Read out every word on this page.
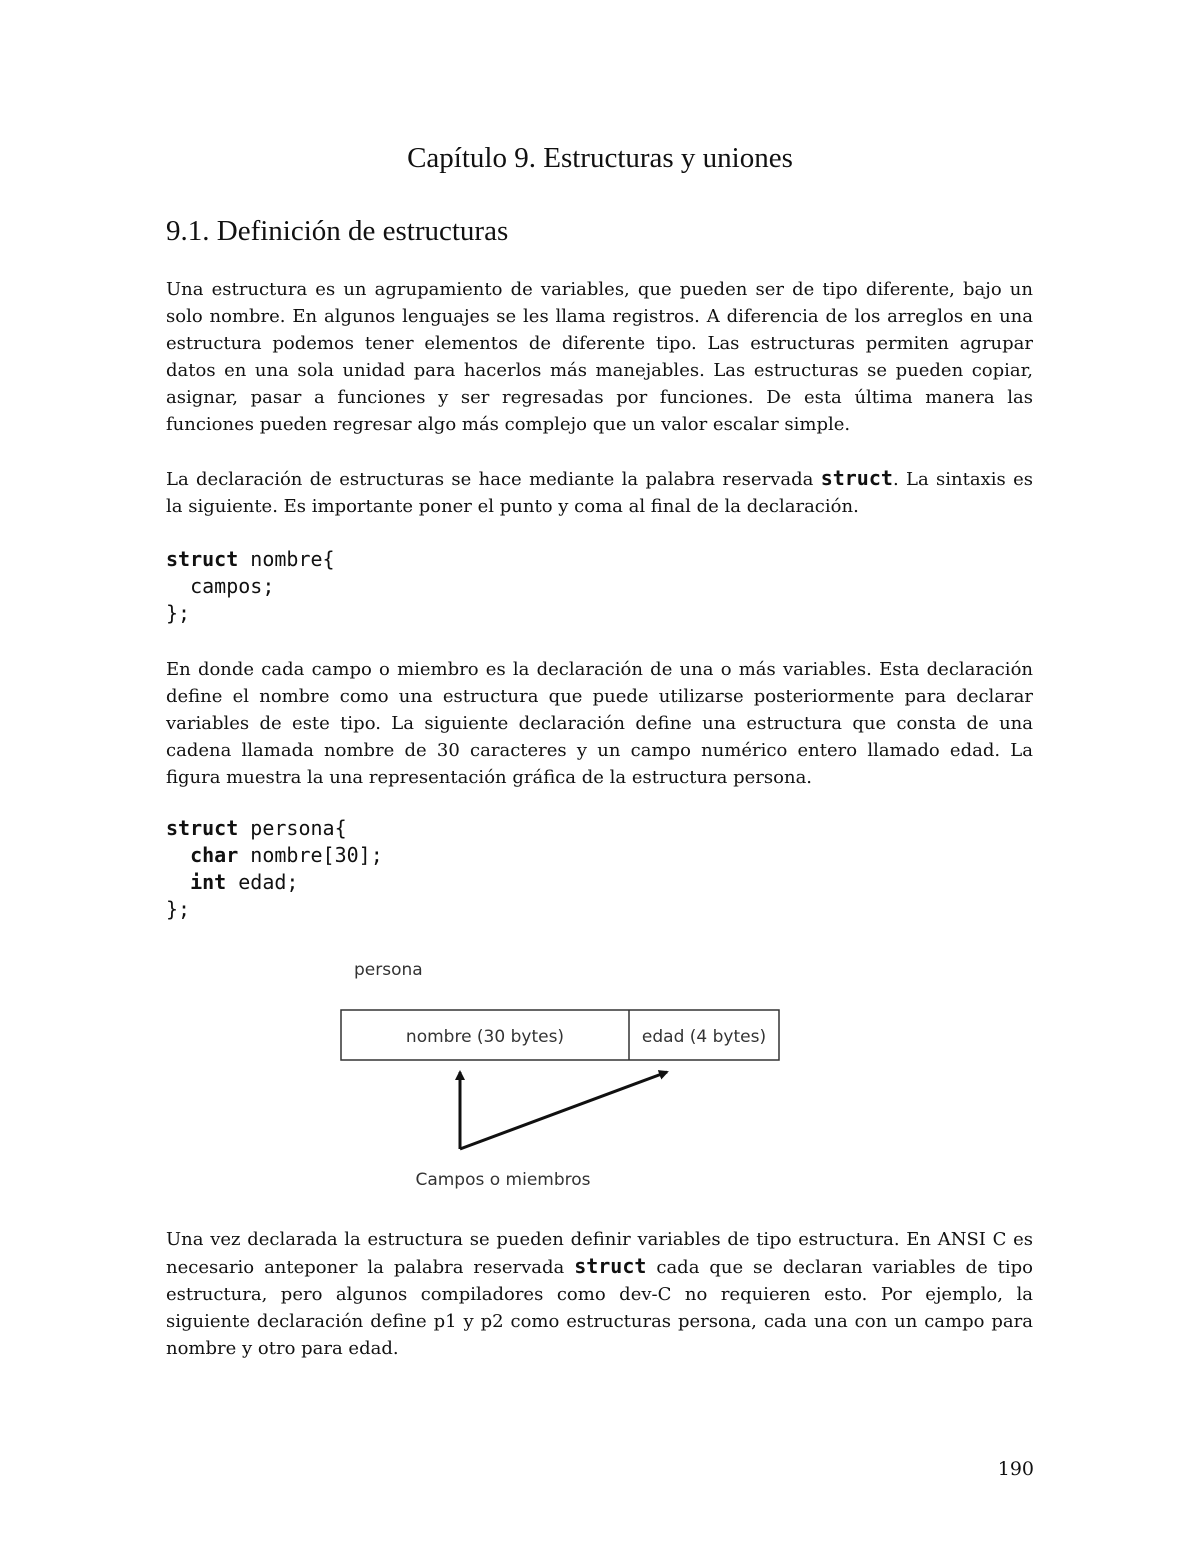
Capítulo 9. Estructuras y uniones
9.1. Definición de estructuras

Una estructura es un agrupamiento de variables, que pueden ser de tipo diferente, bajo un solo nombre. En algunos lenguajes se les llama registros. A diferencia de los arreglos en una estructura podemos tener elementos de diferente tipo. Las estructuras permiten agrupar datos en una sola unidad para hacerlos más manejables. Las estructuras se pueden copiar, asignar, pasar a funciones y ser regresadas por funciones. De esta última manera las funciones pueden regresar algo más complejo que un valor escalar simple.

La declaración de estructuras se hace mediante la palabra reservada struct. La sintaxis es la siguiente. Es importante poner el punto y coma al final de la declaración.

struct nombre{
campos;
};

En donde cada campo o miembro es la declaración de una o más variables. Esta declaración define el nombre como una estructura que puede utilizarse posteriormente para declarar variables de este tipo. La siguiente declaración define una estructura que consta de una cadena llamada nombre de 30 caracteres y un campo numérico entero llamado edad. La figura muestra la una representación gráfica de la estructura persona.

struct persona{
char nombre[30];
int edad;
};
persona
nombre (30 bytes)	edad (4 bytes)
Campos o miembros

Una vez declarada la estructura se pueden definir variables de tipo estructura. En ANSI C es necesario anteponer la palabra reservada struct cada que se declaran variables de tipo estructura, pero algunos compiladores como dev-C no requieren esto. Por ejemplo, la siguiente declaración define p1 y p2 como estructuras persona, cada una con un campo para nombre y otro para edad.

190
